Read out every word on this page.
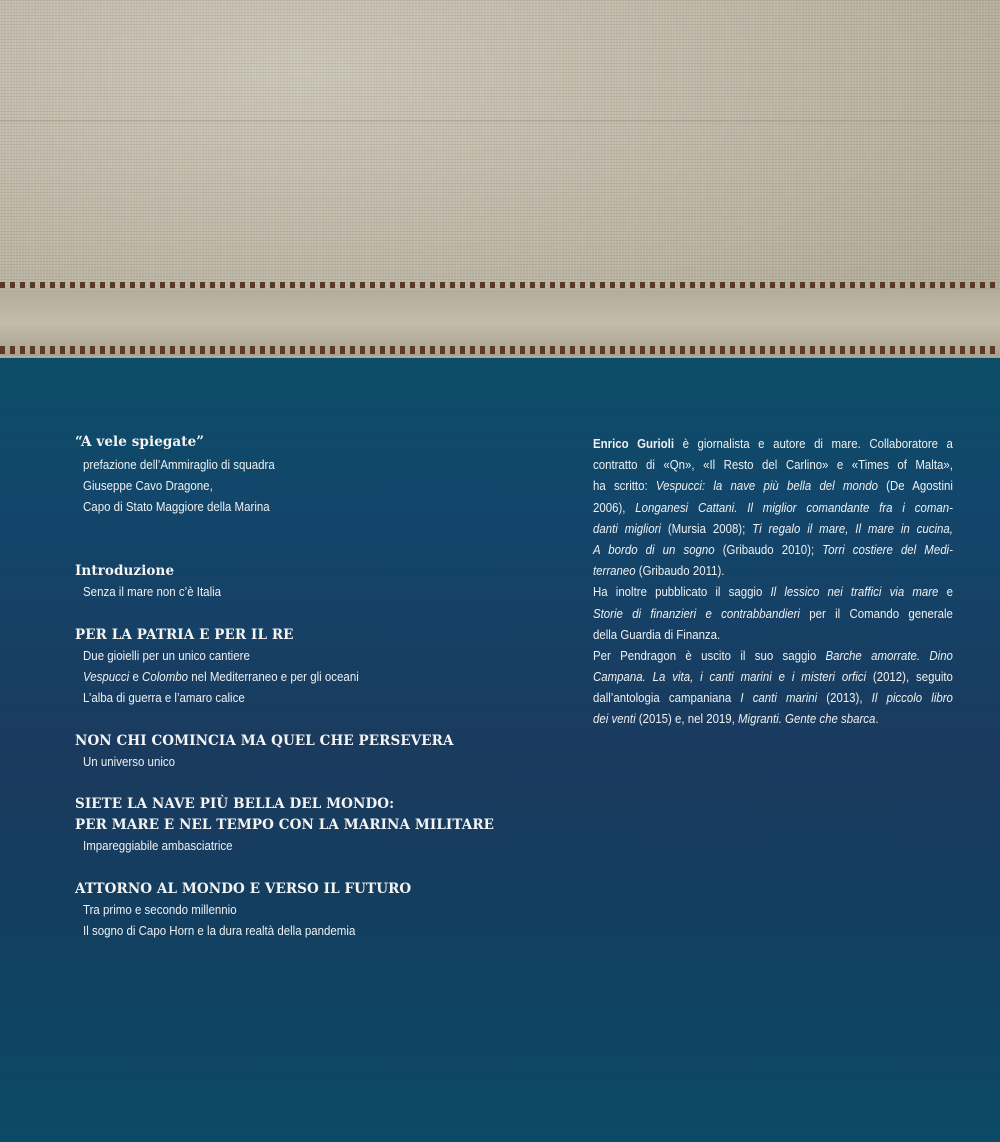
“A vele spiegate”
prefazione dell’Ammiraglio di squadra
Giuseppe Cavo Dragone,
Capo di Stato Maggiore della Marina
Introduzione
Senza il mare non c’è Italia
PER LA PATRIA E PER IL RE
Due gioielli per un unico cantiere
Vespucci e Colombo nel Mediterraneo e per gli oceani
L’alba di guerra e l’amaro calice
NON CHI COMINCIA MA QUEL CHE PERSEVERA
Un universo unico
SIETE LA NAVE PIÙ BELLA DEL MONDO:
PER MARE E NEL TEMPO CON LA MARINA MILITARE
Impareggiabile ambasciatrice
ATTORNO AL MONDO E VERSO IL FUTURO
Tra primo e secondo millennio
Il sogno di Capo Horn e la dura realtà della pandemia
Enrico Gurioli è giornalista e autore di mare. Collaboratore a
contratto di «Qn», «Il Resto del Carlino» e «Times of Malta»,
ha scritto: Vespucci: la nave più bella del mondo (De Agostini
2006), Longanesi Cattani. Il miglior comandante fra i coman-
danti migliori (Mursia 2008); Ti regalo il mare, Il mare in cucina,
A bordo di un sogno (Gribaudo 2010); Torri costiere del Medi-
terraneo (Gribaudo 2011).
Ha inoltre pubblicato il saggio Il lessico nei traffici via mare e
Storie di finanzieri e contrabbandieri per il Comando generale
della Guardia di Finanza.
Per Pendragon è uscito il suo saggio Barche amorrate. Dino
Campana. La vita, i canti marini e i misteri orfici (2012), seguito
dall’antologia campaniana I canti marini (2013), Il piccolo libro
dei venti (2015) e, nel 2019, Migranti. Gente che sbarca.
